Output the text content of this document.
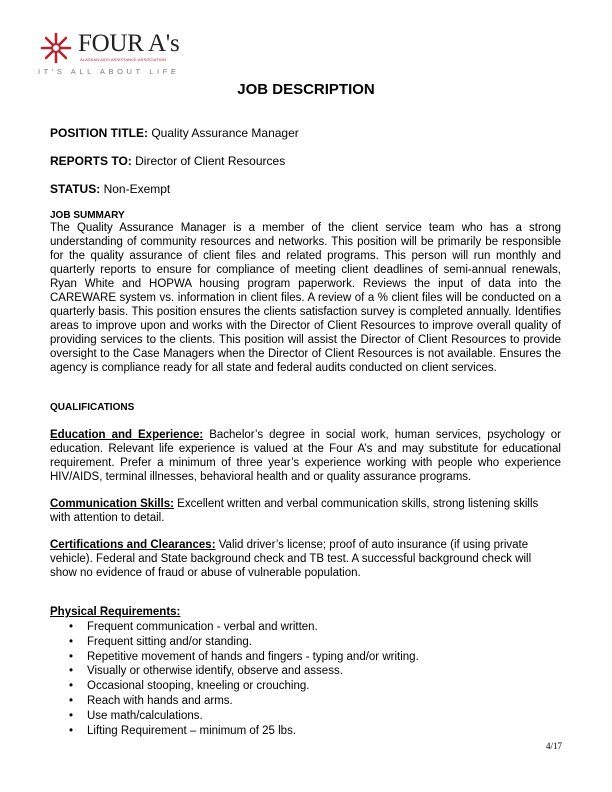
FOUR A's
ALASKAN AIDS ASSISTANCE ASSOCIATION
IT'S ALL ABOUT LIFE
JOB DESCRIPTION
POSITION TITLE: Quality Assurance Manager
REPORTS TO: Director of Client Resources
STATUS: Non-Exempt
JOB SUMMARY

The Quality Assurance Manager is a member of the client service team who has a strong understanding of community resources and networks. This position will be primarily be responsible for the quality assurance of client files and related programs. This person will run monthly and quarterly reports to ensure for compliance of meeting client deadlines of semi-annual renewals, Ryan White and HOPWA housing program paperwork. Reviews the input of data into the CAREWARE system vs. information in client files. A review of a % client files will be conducted on a quarterly basis. This position ensures the clients satisfaction survey is completed annually. Identifies areas to improve upon and works with the Director of Client Resources to improve overall quality of providing services to the clients. This position will assist the Director of Client Resources to provide oversight to the Case Managers when the Director of Client Resources is not available. Ensures the agency is compliance ready for all state and federal audits conducted on client services.

QUALIFICATIONS

Education and Experience: Bachelor’s degree in social work, human services, psychology or education. Relevant life experience is valued at the Four A’s and may substitute for educational requirement. Prefer a minimum of three year’s experience working with people who experience HIV/AIDS, terminal illnesses, behavioral health and or quality assurance programs.

Communication Skills: Excellent written and verbal communication skills, strong listening skills with attention to detail.

Certifications and Clearances: Valid driver’s license; proof of auto insurance (if using private vehicle). Federal and State background check and TB test. A successful background check will show no evidence of fraud or abuse of vulnerable population.

Physical Requirements:
• Frequent communication - verbal and written.
• Frequent sitting and/or standing.
• Repetitive movement of hands and fingers - typing and/or writing.
• Visually or otherwise identify, observe and assess.
• Occasional stooping, kneeling or crouching.
• Reach with hands and arms.
• Use math/calculations.
• Lifting Requirement – minimum of 25 lbs.
4/17
